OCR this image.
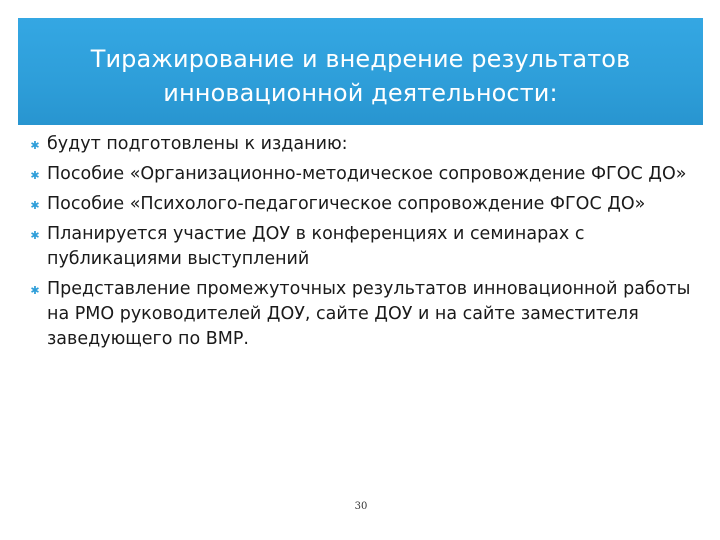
Тиражирование и внедрение результатов
инновационной деятельности:
✱ будут подготовлены к изданию:
✱ Пособие «Организационно-методическое сопровождение ФГОС ДО»
✱ Пособие «Психолого-педагогическое сопровождение ФГОС ДО»
✱ Планируется участие ДОУ в конференциях и семинарах с публикациями выступлений
✱ Представление промежуточных результатов инновационной работы на РМО руководителей ДОУ, сайте ДОУ и на сайте заместителя заведующего по ВМР.
30
